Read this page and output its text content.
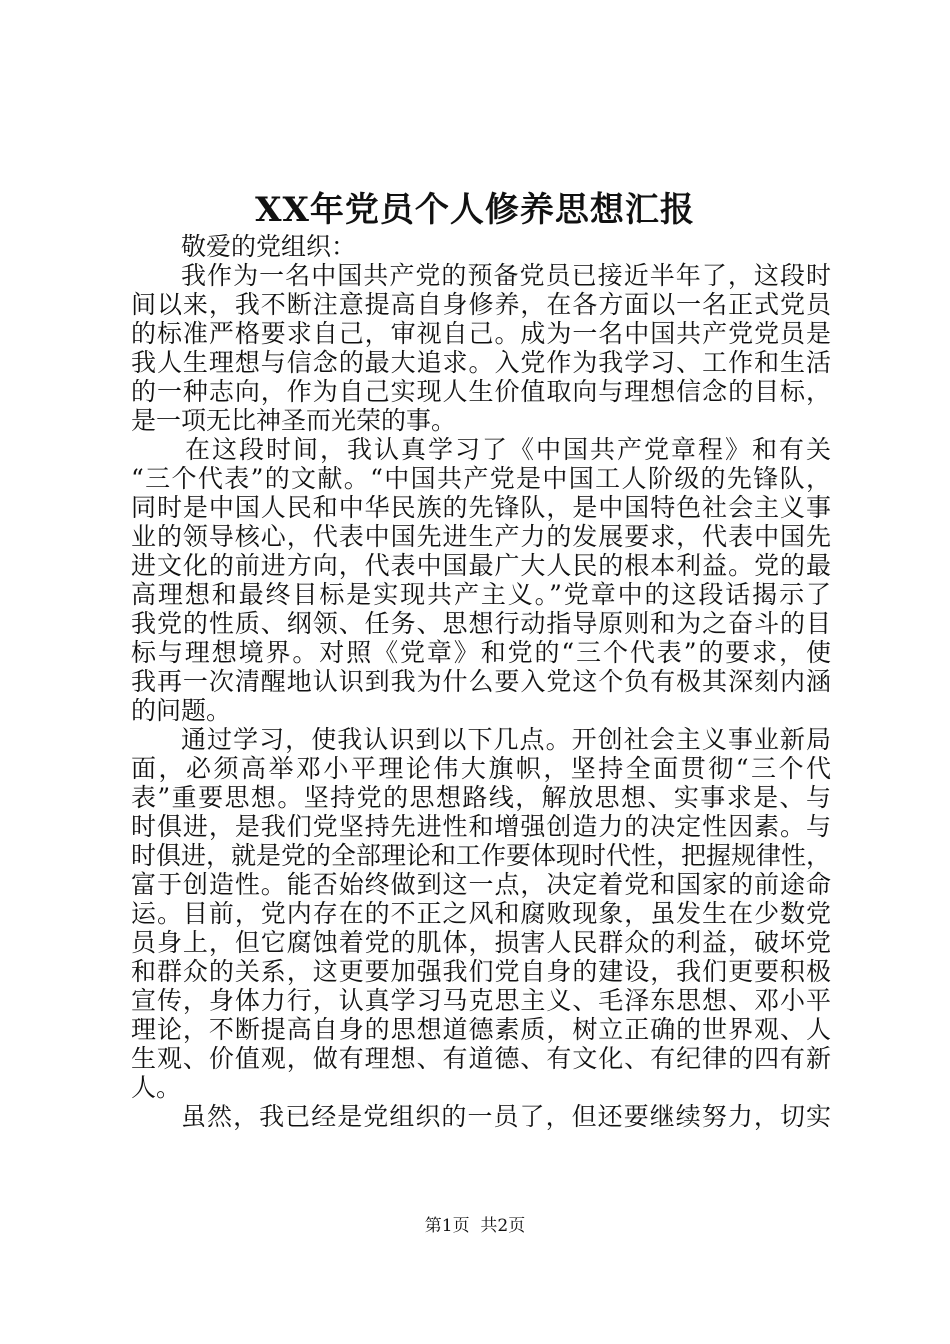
XX年党员个人修养思想汇报
敬爱的党组织：
我作为一名中国共产党的预备党员已接近半年了，这段时
间以来，我不断注意提高自身修养，在各方面以一名正式党员
的标准严格要求自己，审视自己。成为一名中国共产党党员是
我人生理想与信念的最大追求。入党作为我学习、工作和生活
的一种志向，作为自己实现人生价值取向与理想信念的目标，
是一项无比神圣而光荣的事。
在这段时间，我认真学习了《中国共产党章程》和有关
“三个代表”的文献。“中国共产党是中国工人阶级的先锋队，
同时是中国人民和中华民族的先锋队，是中国特色社会主义事
业的领导核心，代表中国先进生产力的发展要求，代表中国先
进文化的前进方向，代表中国最广大人民的根本利益。党的最
高理想和最终目标是实现共产主义。”党章中的这段话揭示了
我党的性质、纲领、任务、思想行动指导原则和为之奋斗的目
标与理想境界。对照《党章》和党的“三个代表”的要求，使
我再一次清醒地认识到我为什么要入党这个负有极其深刻内涵
的问题。
通过学习，使我认识到以下几点。开创社会主义事业新局
面，必须高举邓小平理论伟大旗帜，坚持全面贯彻“三个代
表”重要思想。坚持党的思想路线，解放思想、实事求是、与
时俱进，是我们党坚持先进性和增强创造力的决定性因素。与
时俱进，就是党的全部理论和工作要体现时代性，把握规律性，
富于创造性。能否始终做到这一点，决定着党和国家的前途命
运。目前，党内存在的不正之风和腐败现象，虽发生在少数党
员身上，但它腐蚀着党的肌体，损害人民群众的利益，破坏党
和群众的关系，这更要加强我们党自身的建设，我们更要积极
宣传，身体力行，认真学习马克思主义、毛泽东思想、邓小平
理论，不断提高自身的思想道德素质，树立正确的世界观、人
生观、价值观，做有理想、有道德、有文化、有纪律的四有新
人。
虽然，我已经是党组织的一员了，但还要继续努力，切实
第1页  共2页
